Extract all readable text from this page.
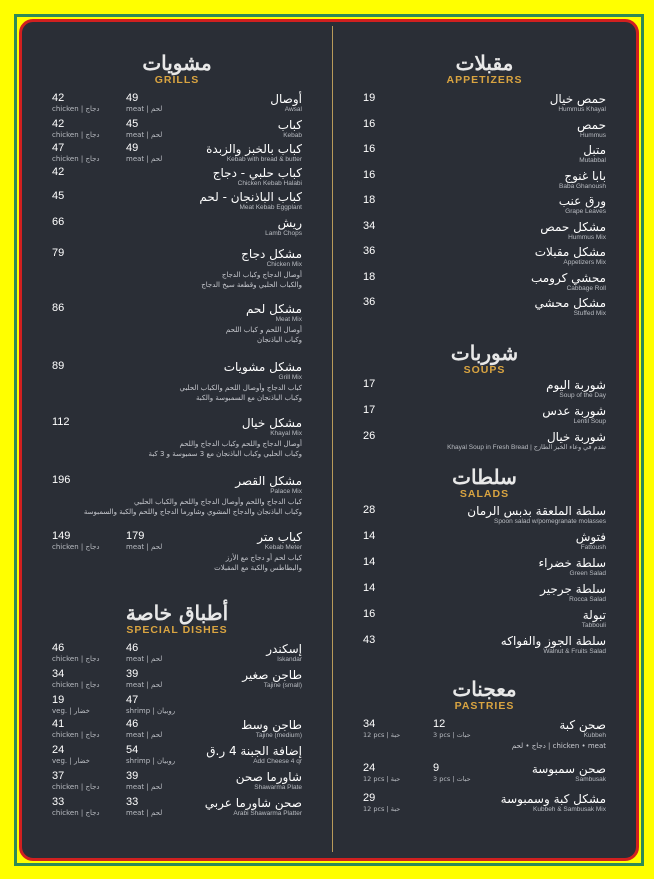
مشويات
GRILLS
أوصال
Awsal
42
chicken | دجاج
49
meat | لحم
كباب
Kebab
42
chicken | دجاج
45
meat | لحم
كباب بالخبز والزبدة
Kebab with bread & butter
47
chicken | دجاج
49
meat | لحم
كباب حلبي - دجاج
Chicken Kebab Halabi
42
كباب الباذنجان - لحم
Meat Kebab Eggplant
45
ريش
Lamb Chops
66
مشكل دجاج
Chicken Mix
79
أوصال الدجاج وكباب الدجاج
والكباب الحلبي وقطعة سيخ الدجاج
مشكل لحم
Meat Mix
86
أوصال اللحم و كباب اللحم
وكباب الباذنجان
مشكل مشويات
Grill Mix
89
كباب الدجاج وأوصال اللحم والكباب الحلبي
وكباب الباذنجان مع السمبوسة والكبة
مشكل خيال
Khayal Mix
112
أوصال الدجاج واللحم وكباب الدجاج واللحم
وكباب الحلبي وكباب الباذنجان مع 3 سمبوسة و 3 كبة
مشكل القصر
Palace Mix
196
كباب الدجاج واللحم وأوصال الدجاج واللحم والكباب الحلبي
وكباب الباذنجان والدجاج المشوي وشاورما الدجاج واللحم والكبة والسمبوسة
كباب متر
Kebab Meter
149
chicken | دجاج
179
meat | لحم
كباب لحم أو دجاج مع الأرز
والبطاطس والكبة مع المقبلات
أطباق خاصة
SPECIAL DISHES
إسكندر
Iskandar
46
chicken | دجاج
46
meat | لحم
طاجن صغير
Tajine (small)
34
chicken | دجاج
39
meat | لحم
19
veg. | خضار
47
shrimp | روبيان
طاجن وسط
Tajine (medium)
41
chicken | دجاج
46
meat | لحم
إضافة الجبنة 4 ر.ق
Add Cheese 4 qr
24
veg. | خضار
54
shrimp | روبيان
شاورما صحن
Shawarma Plate
37
chicken | دجاج
39
meat | لحم
صحن شاورما عربي
Arabi Shawarma Platter
33
chicken | دجاج
33
meat | لحم
مقبلات
APPETIZERS
حمص خيال
Hummus Khayal
19
حمص
Hummus
16
متبل
Mutabbal
16
بابا غنوج
Baba Ghanoush
16
ورق عنب
Grape Leaves
18
مشكل حمص
Hummus Mix
34
مشكل مقبلات
Appetizers Mix
36
محشي كرومب
Cabbage Roll
18
مشكل محشي
Stuffed Mix
36
شوربات
SOUPS
شوربة اليوم
Soup of the Day
17
شوربة عدس
Lentil Soup
17
شوربة خيال
Khayal Soup in Fresh Bread | تقدم في وعاء الخبز الطازج
26
سلطات
SALADS
سلطة الملعقة بدبس الرمان
Spoon salad w/pomegranate molasses
28
فتوش
Fattoush
14
سلطة خضراء
Green Salad
14
سلطة جرجير
Rocca Salad
14
تبولة
Tabbouli
16
سلطة الجوز والفواكه
Walnut & Fruits Salad
43
معجنات
PASTRIES
صحن كبة
Kubbeh
34
12 pcs | حبة
12
3 pcs | حبات
chicken • meat | دجاج • لحم
صحن سمبوسة
Sambusak
24
12 pcs | حبة
9
3 pcs | حبات
مشكل كبة وسمبوسة
Kubbeh & Sambusak Mix
29
12 pcs | حبة
